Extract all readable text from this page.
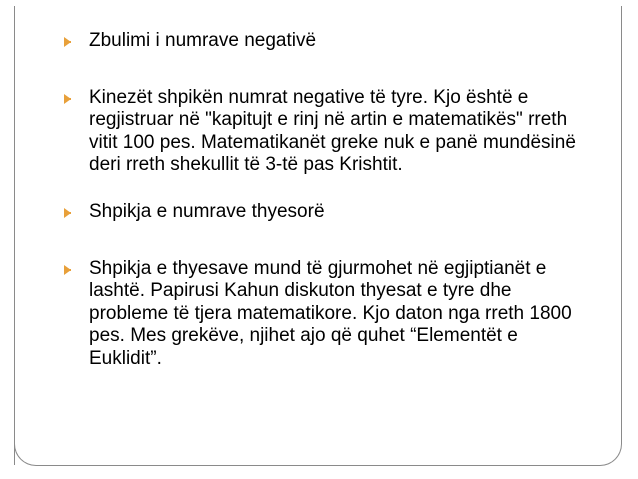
Zbulimi i numrave negativë
Kinezët shpikën numrat negative të tyre. Kjo është e regjistruar në "kapitujt e rinj në artin e matematikës" rreth vitit 100 pes. Matematikanët greke nuk e panë mundësinë deri rreth shekullit të 3-të pas Krishtit.
Shpikja e numrave thyesorë
Shpikja e thyesave mund të gjurmohet në egjiptianët e lashtë. Papirusi Kahun diskuton thyesat e tyre dhe probleme të tjera matematikore. Kjo daton nga rreth 1800 pes. Mes grekëve, njihet ajo që quhet “Elementët e Euklidit”.
